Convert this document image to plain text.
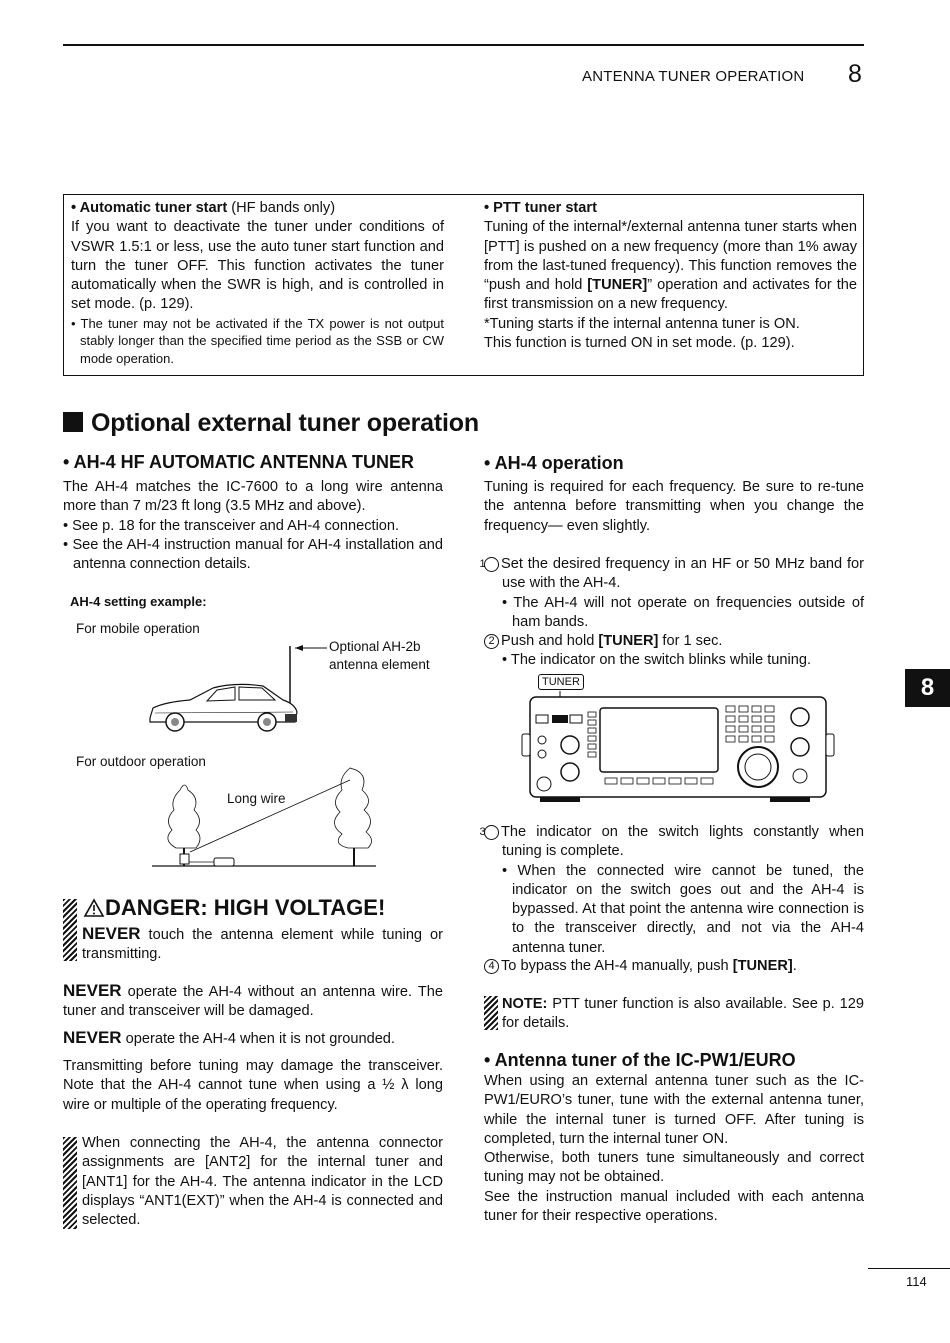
ANTENNA TUNER OPERATION 8
8
• Automatic tuner start (HF bands only)
If you want to deactivate the tuner under conditions of VSWR 1.5:1 or less, use the auto tuner start function and turn the tuner OFF. This function activates the tuner automatically when the SWR is high, and is controlled in set mode. (p. 129).
• The tuner may not be activated if the TX power is not output stably longer than the specified time period as the SSB or CW mode operation.
• PTT tuner start
Tuning of the internal*/external antenna tuner starts when [PTT] is pushed on a new frequency (more than 1% away from the last-tuned frequency). This function removes the “push and hold [TUNER]” operation and activates for the first transmission on a new frequency.
*Tuning starts if the internal antenna tuner is ON.
This function is turned ON in set mode. (p. 129).
Optional external tuner operation
• AH-4 HF AUTOMATIC ANTENNA TUNER
The AH-4 matches the IC-7600 to a long wire antenna more than 7 m/23 ft long (3.5 MHz and above).
• See p. 18 for the transceiver and AH-4 connection.
• See the AH-4 instruction manual for AH-4 installation and antenna connection details.
AH-4 setting example:
For mobile operation
Optional AH-2b
antenna element
For outdoor operation
Long wire
DANGER: HIGH VOLTAGE!
NEVER touch the antenna element while tuning or transmitting.
NEVER operate the AH-4 without an antenna wire. The tuner and transceiver will be damaged.
NEVER operate the AH-4 when it is not grounded.
Transmitting before tuning may damage the transceiver. Note that the AH-4 cannot tune when using a ½ λ long wire or multiple of the operating frequency.
When connecting the AH-4, the antenna connector assignments are [ANT2] for the internal tuner and [ANT1] for the AH-4. The antenna indicator in the LCD displays “ANT1(EXT)” when the AH-4 is connected and selected.
• AH-4 operation
Tuning is required for each frequency. Be sure to re-tune the antenna before transmitting when you change the frequency— even slightly.
1 Set the desired frequency in an HF or 50 MHz band for use with the AH-4.
• The AH-4 will not operate on frequencies outside of ham bands.
2 Push and hold [TUNER] for 1 sec.
• The indicator on the switch blinks while tuning.
TUNER
3 The indicator on the switch lights constantly when tuning is complete.
• When the connected wire cannot be tuned, the indicator on the switch goes out and the AH-4 is bypassed. At that point the antenna wire connection is to the transceiver directly, and not via the AH-4 antenna tuner.
4 To bypass the AH-4 manually, push [TUNER].
NOTE: PTT tuner function is also available. See p. 129 for details.
• Antenna tuner of the IC-PW1/EURO
When using an external antenna tuner such as the IC-PW1/EURO’s tuner, tune with the external antenna tuner, while the internal tuner is turned OFF. After tuning is completed, turn the internal tuner ON.
Otherwise, both tuners tune simultaneously and correct tuning may not be obtained.
See the instruction manual included with each antenna tuner for their respective operations.
114
